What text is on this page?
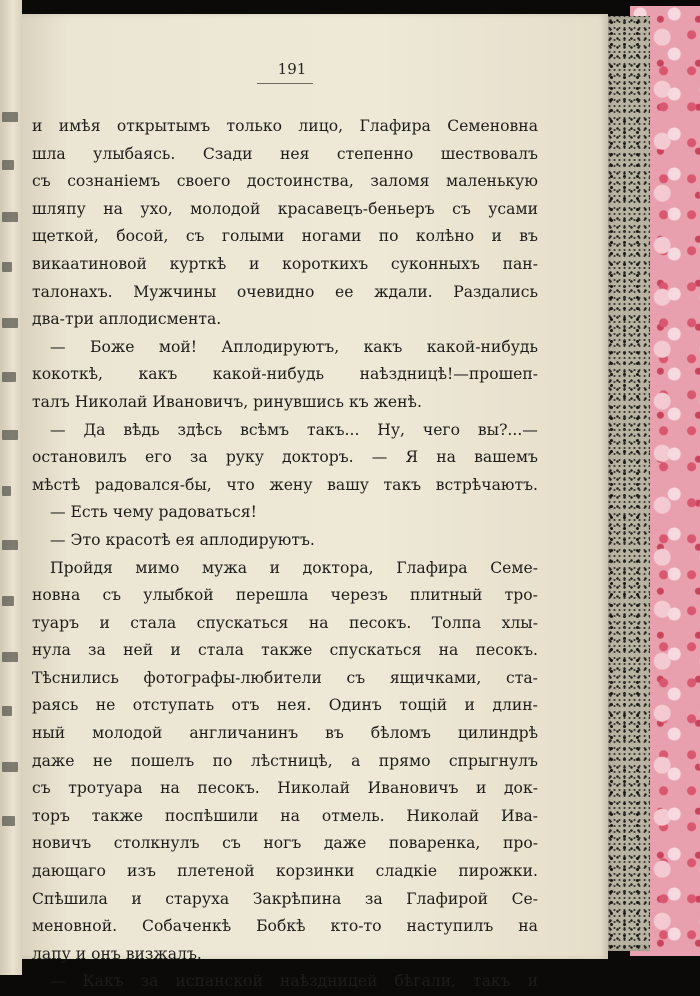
191
и имѣя открытымъ только лицо, Глафира Семеновна
шла улыбаясь. Сзади нея степенно шествовалъ
съ сознаніемъ своего достоинства, заломя маленькую
шляпу на ухо, молодой красавецъ-беньеръ съ усами
щеткой, босой, съ голыми ногами по колѣно и въ
викаатиновой курткѣ и короткихъ суконныхъ пан-
талонахъ. Мужчины очевидно ее ждали. Раздались
два-три аплодисмента.
— Боже мой! Аплодируютъ, какъ какой-нибудь
кокоткѣ, какъ какой-нибудь наѣздницѣ!—прошеп-
талъ Николай Ивановичъ, ринувшись къ женѣ.
— Да вѣдь здѣсь всѣмъ такъ... Ну, чего вы?...—
остановилъ его за руку докторъ. — Я на вашемъ
мѣстѣ радовался-бы, что жену вашу такъ встрѣчаютъ.
— Есть чему радоваться!
— Это красотѣ ея аплодируютъ.
Пройдя мимо мужа и доктора, Глафира Семе-
новна съ улыбкой перешла черезъ плитный тро-
туаръ и стала спускаться на песокъ. Толпа хлы-
нула за ней и стала также спускаться на песокъ.
Тѣснились фотографы-любители съ ящичками, ста-
раясь не отступать отъ нея. Одинъ тощій и длин-
ный молодой англичанинъ въ бѣломъ цилиндрѣ
даже не пошелъ по лѣстницѣ, а прямо спрыгнулъ
съ тротуара на песокъ. Николай Ивановичъ и док-
торъ также поспѣшили на отмель. Николай Ива-
новичъ столкнулъ съ ногъ даже поваренка, про-
дающаго изъ плетеной корзинки сладкіе пирожки.
Спѣшила и старуха Закрѣпина за Глафирой Се-
меновной. Собаченкѣ Бобкѣ кто-то наступилъ на
лапу и онъ визжалъ.
— Какъ за испанской наѣздницей бѣгали, такъ и
